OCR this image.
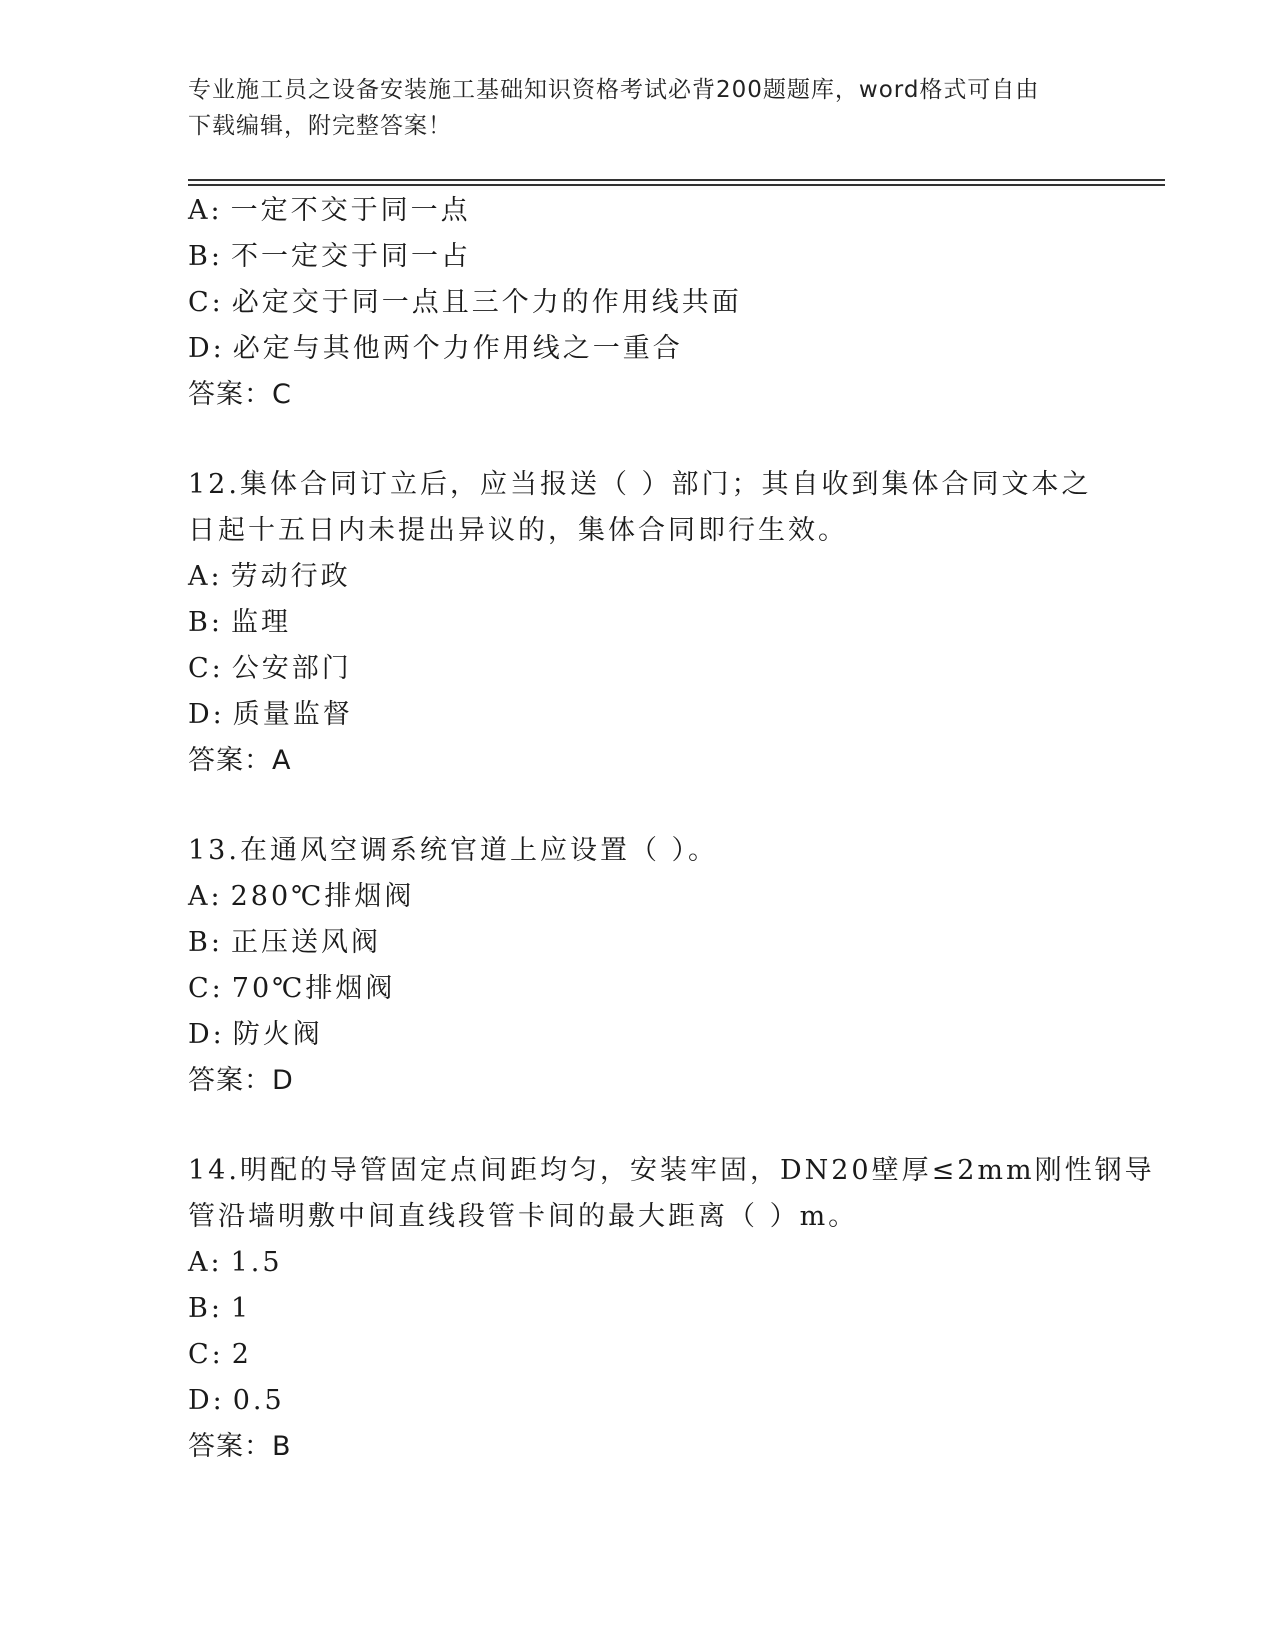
专业施工员之设备安装施工基础知识资格考试必背200题题库，word格式可自由
下载编辑，附完整答案！
A: 一定不交于同一点
B: 不一定交于同一占
C: 必定交于同一点且三个力的作用线共面
D: 必定与其他两个力作用线之一重合
答案：C
12.集体合同订立后，应当报送（ ）部门；其自收到集体合同文本之
日起十五日内未提出异议的，集体合同即行生效。
A: 劳动行政
B: 监理
C: 公安部门
D: 质量监督
答案：A
13.在通风空调系统官道上应设置（ ）。
A: 280℃排烟阀
B: 正压送风阀
C: 70℃排烟阀
D: 防火阀
答案：D
14.明配的导管固定点间距均匀，安装牢固，DN20壁厚≤2mm刚性钢导
管沿墙明敷中间直线段管卡间的最大距离（ ）m。
A: 1.5
B: 1
C: 2
D: 0.5
答案：B
